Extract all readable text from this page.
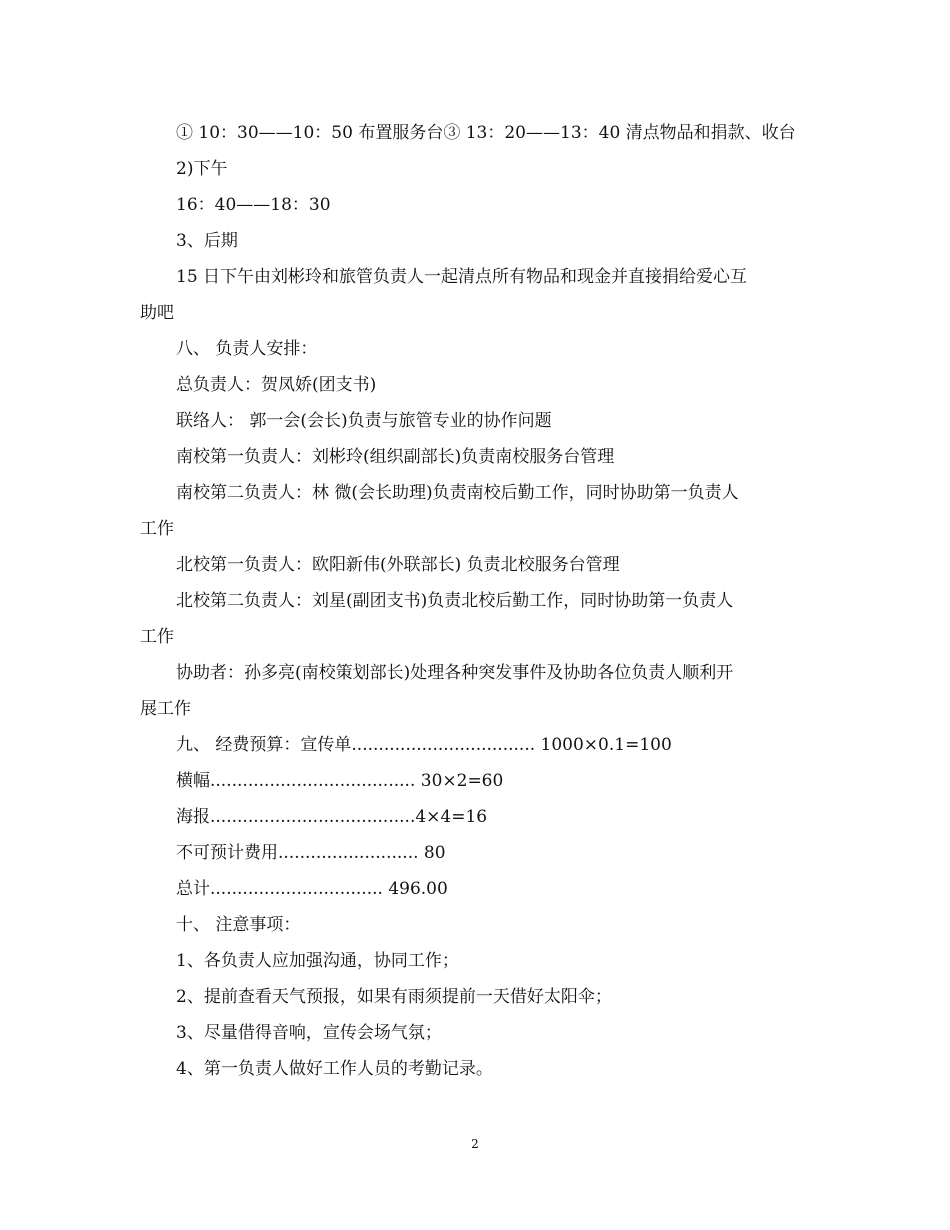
① 10：30——10：50 布置服务台③ 13：20——13：40 清点物品和捐款、收台
2)下午
16：40——18：30
3、后期
15 日下午由刘彬玲和旅管负责人一起清点所有物品和现金并直接捐给爱心互
助吧
八、 负责人安排：
总负责人：贺凤娇(团支书)
联络人： 郭一会(会长)负责与旅管专业的协作问题
南校第一负责人：刘彬玲(组织副部长)负责南校服务台管理
南校第二负责人：林 微(会长助理)负责南校后勤工作，同时协助第一负责人
工作
北校第一负责人：欧阳新伟(外联部长) 负责北校服务台管理
北校第二负责人：刘星(副团支书)负责北校后勤工作，同时协助第一负责人
工作
协助者：孙多亮(南校策划部长)处理各种突发事件及协助各位负责人顺利开
展工作
九、 经费预算：宣传单.................................. 1000×0.1=100
横幅...................................... 30×2=60
海报......................................4×4=16
不可预计费用.......................... 80
总计................................ 496.00
十、 注意事项：
1、各负责人应加强沟通，协同工作；
2、提前查看天气预报，如果有雨须提前一天借好太阳伞；
3、尽量借得音响，宣传会场气氛；
4、第一负责人做好工作人员的考勤记录。
2
